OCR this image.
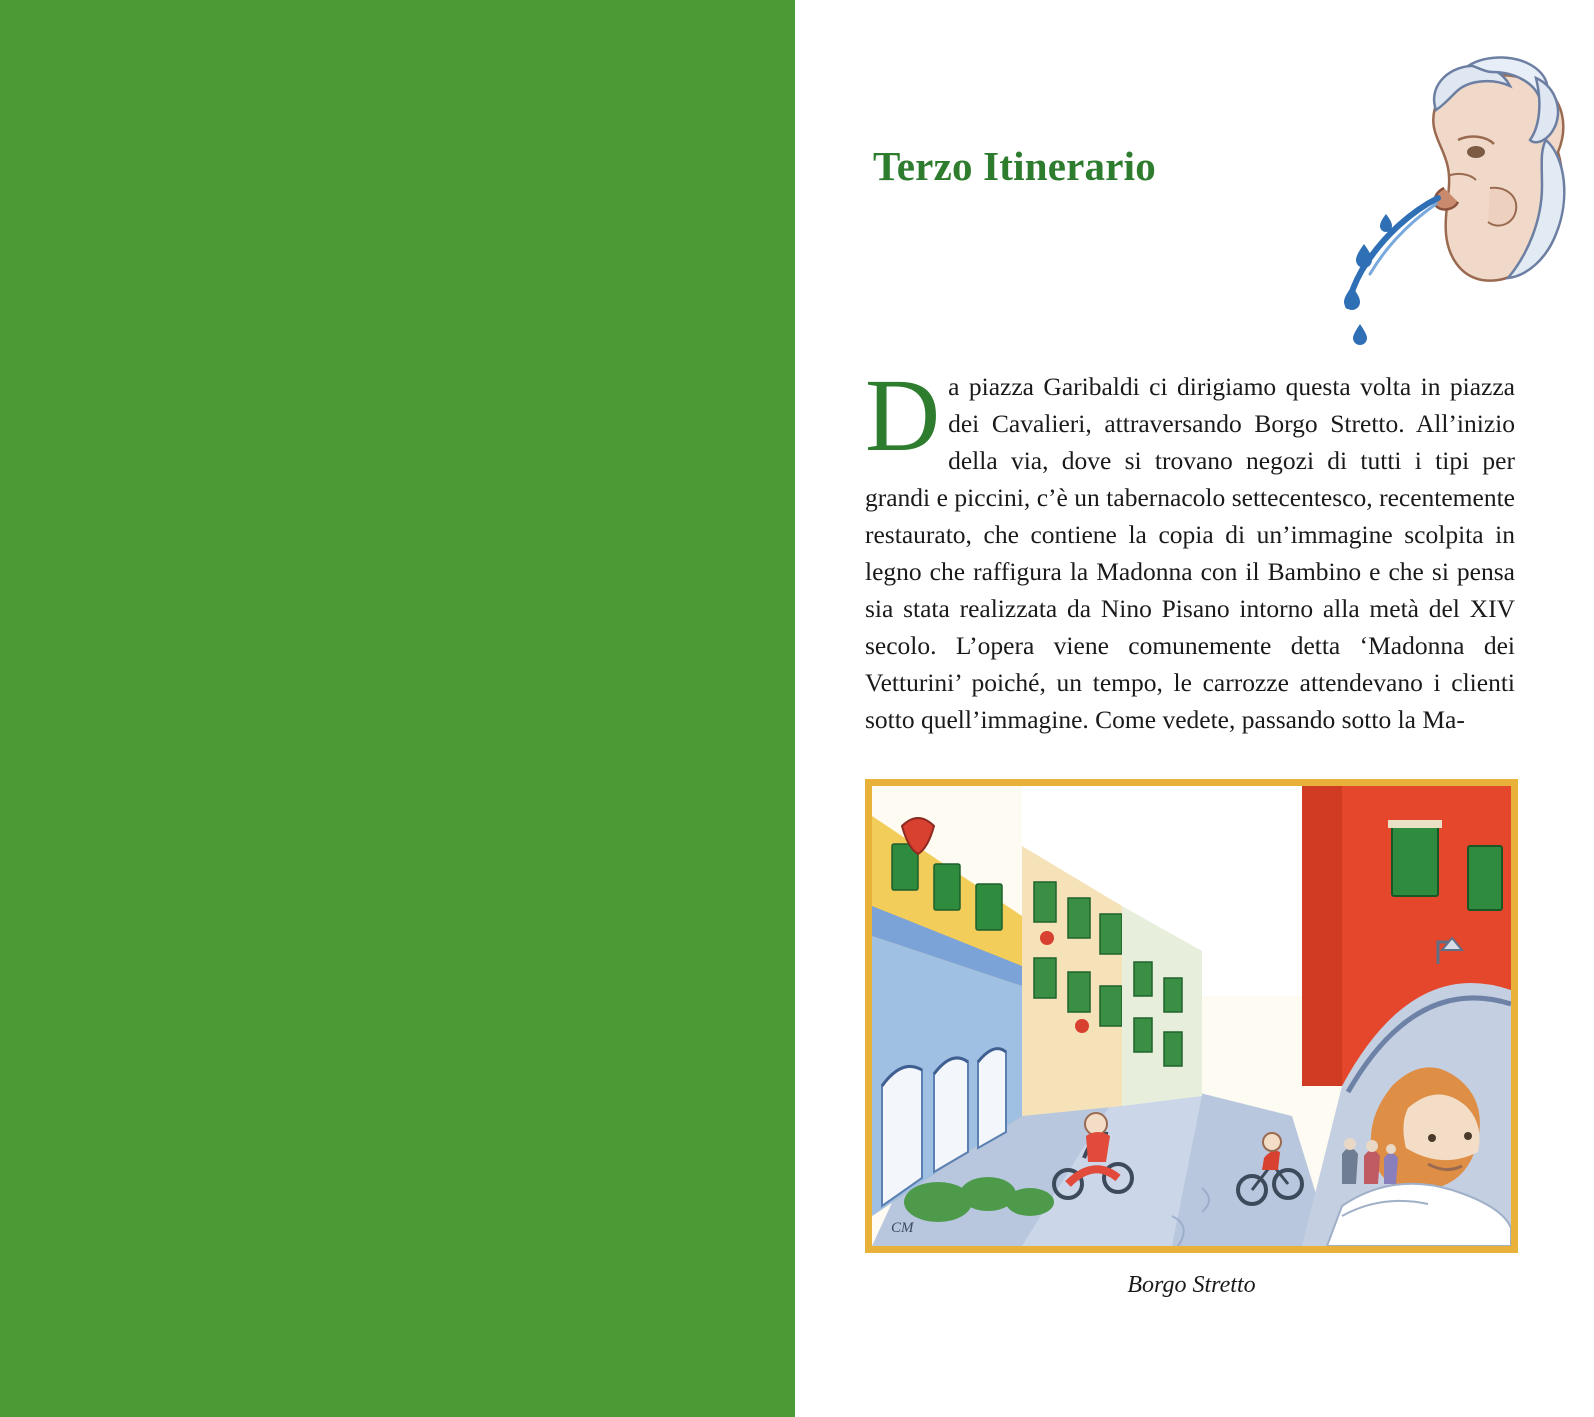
Terzo Itinerario
Da piazza Garibaldi ci dirigiamo questa volta in piazza dei Cavalieri, attraversando Borgo Stretto. All’inizio della via, dove si trovano negozi di tutti i tipi per grandi e piccini, c’è un tabernacolo settecentesco, recentemente restaurato, che contiene la copia di un’immagine scolpita in legno che raffigura la Madonna con il Bambino e che si pensa sia stata realizzata da Nino Pisano intorno alla metà del XIV secolo. L’opera viene comunemente detta ‘Madonna dei Vetturini’ poiché, un tempo, le carrozze attendevano i clienti sotto quell’immagine. Come vedete, passando sotto la Ma-
CM
Borgo Stretto
